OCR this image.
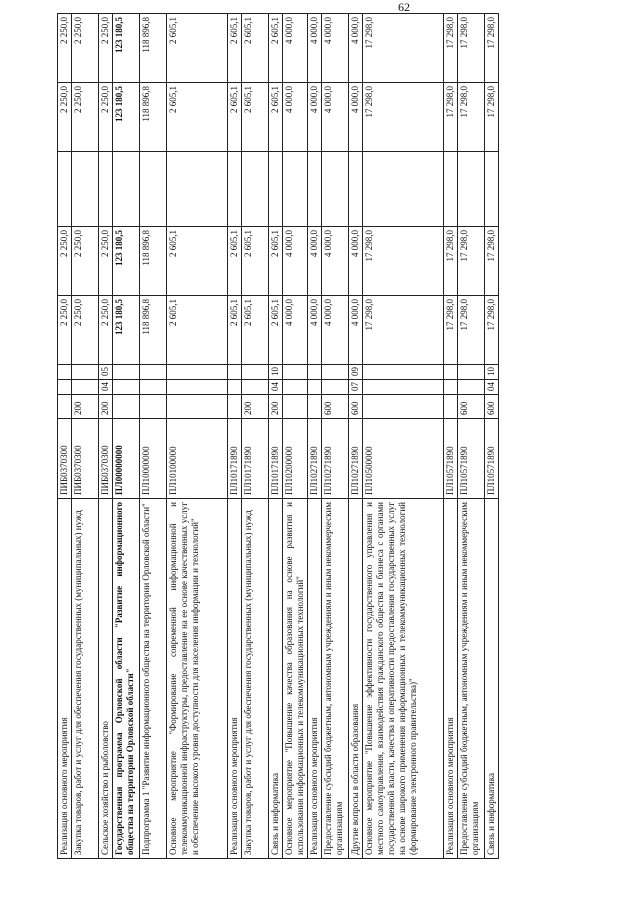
62
Реализация основного мероприятия	ПИБ0370300				2 250,0	2 250,0		2 250,0	2 250,0
Закупка товаров, работ и услуг для обеспечения государственных (муниципальных) нужд	ПИБ0370300	200			2 250,0	2 250,0		2 250,0	2 250,0
Сельское хозяйство и рыболовство	ПИБ0370300	200	04	05	2 250,0	2 250,0		2 250,0	2 250,0
Государственная программа Орловской области "Развитие информационного общества на территории Орловской области"	ПЛ00000000				123 180,5	123 180,5		123 180,5	123 180,5
Подпрограмма 1 "Развитие информационного общества на территории Орловской области"	ПЛ10000000				118 896,8	118 896,8		118 896,8	118 896,8
Основное мероприятие "Формирование современной информационной и телекоммуникационной инфраструктуры, предоставление на ее основе качественных услуг и обеспечение высокого уровня доступности для населения информации и технологий"	ПЛ10100000				2 605,1	2 605,1		2 605,1	2 605,1
Реализация основного мероприятия	ПЛ10171890				2 605,1	2 605,1		2 605,1	2 605,1
Закупка товаров, работ и услуг для обеспечения государственных (муниципальных) нужд	ПЛ10171890	200			2 605,1	2 605,1		2 605,1	2 605,1
Связь и информатика	ПЛ10171890	200	04	10	2 605,1	2 605,1		2 605,1	2 605,1
Основное мероприятие "Повышение качества образования на основе развития и использования информационных и телекоммуникационных технологий"	ПЛ10200000				4 000,0	4 000,0		4 000,0	4 000,0
Реализация основного мероприятия	ПЛ10271890				4 000,0	4 000,0		4 000,0	4 000,0
Предоставление субсидий бюджетным, автономным учреждениям и иным некоммерческим организациям	ПЛ10271890	600			4 000,0	4 000,0		4 000,0	4 000,0
Другие вопросы в области образования	ПЛ10271890	600	07	09	4 000,0	4 000,0		4 000,0	4 000,0
Основное мероприятие "Повышение эффективности государственного управления и местного самоуправления, взаимодействия гражданского общества и бизнеса с органами государственной власти, качества и оперативности предоставления государственных услуг на основе широкого применения информационных и телекоммуникационных технологий (формирование электронного правительства)"	ПЛ10500000				17 298,0	17 298,0		17 298,0	17 298,0
Реализация основного мероприятия	ПЛ10571890				17 298,0	17 298,0		17 298,0	17 298,0
Предоставление субсидий бюджетным, автономным учреждениям и иным некоммерческим организациям	ПЛ10571890	600			17 298,0	17 298,0		17 298,0	17 298,0
Связь и информатика	ПЛ10571890	600	04	10	17 298,0	17 298,0		17 298,0	17 298,0
